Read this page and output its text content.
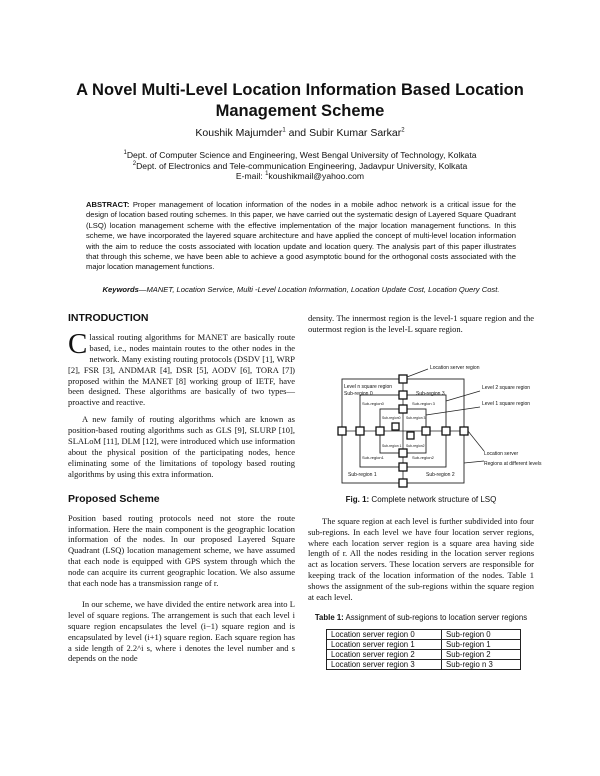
A Novel Multi-Level Location Information Based Location Management Scheme
Koushik Majumder$^1$ and Subir Kumar Sarkar$^2$
$^1$Dept. of Computer Science and Engineering, West Bengal University of Technology, Kolkata
$^2$Dept. of Electronics and Tele-communication Engineering, Jadavpur University, Kolkata
E-mail: $^1$koushikmail@yahoo.com
ABSTRACT: Proper management of location information of the nodes in a mobile adhoc network is a critical issue for the design of location based routing schemes. In this paper, we have carried out the systematic design of Layered Square Quadrant (LSQ) location management scheme with the effective implementation of the major location management functions. In this scheme, we have incorporated the layered square architecture and have applied the concept of multi-level location information with the aim to reduce the costs associated with location update and location query. The analysis part of this paper illustrates that through this scheme, we have been able to achieve a good asymptotic bound for the orthogonal costs associated with the major location management functions.
Keywords—MANET, Location Service, Multi -Level Location Information, Location Update Cost, Location Query Cost.
INTRODUCTION

Classical routing algorithms for MANET are basically route based, i.e., nodes maintain routes to the other nodes in the network. Many existing routing protocols (DSDV [1], WRP [2], FSR [3], ANDMAR [4], DSR [5], AODV [6], TORA [7]) proposed within the MANET [8] working group of IETF, have been designed. These algorithms are basically of two types—proactive and reactive.

A new family of routing algorithms which are known as position-based routing algorithms such as GLS [9], SLURP [10], SLALoM [11], DLM [12], were introduced which use information about the physical position of the participating nodes, hence eliminating some of the limitations of topology based routing algorithms by using this extra information.

Proposed Scheme

Position based routing protocols need not store the route information. Here the main component is the geographic location information of the nodes. In our proposed Layered Square Quadrant (LSQ) location management scheme, we have assumed that each node is equipped with GPS system through which the node can acquire its current geographic location. We also assume that each node has a transmission range of r.

In our scheme, we have divided the entire network area into L level of square regions. The arrangement is such that each level i square region encapsulates the level (i−1) square region and is encapsulated by level (i+1) square region. Each square region has a side length of 2.2^i s, where i denotes the level number and s depends on the node

density. The innermost region is the level-1 square region and the outermost region is the level-L square region.

Location server region
Level n square region
Sub-region 0	Sub-region 3
Level 2 square region
Level 1 square region
Sub-region0	Sub-region 3
Sub-region0 Sub-region 3
Sub-region 1 Sub-region2
Sub-region1	Sub-region2
Sub-region 1	Sub-region 2
Location server
Regions at different levels
Fig. 1: Complete network structure of LSQ

The square region at each level is further subdivided into four sub-regions. In each level we have four location server regions, where each location server region is a square area having side length of r. All the nodes residing in the location server regions act as location servers. These location servers are responsible for keeping track of the location information of the nodes. Table 1 shows the assignment of the sub-regions within the square region at each level.

Table 1: Assignment of sub-regions to location server regions
Location server region 0	Sub-region 0
Location server region 1	Sub-region 1
Location server region 2	Sub-region 2
Location server region 3	Sub-regio n 3
